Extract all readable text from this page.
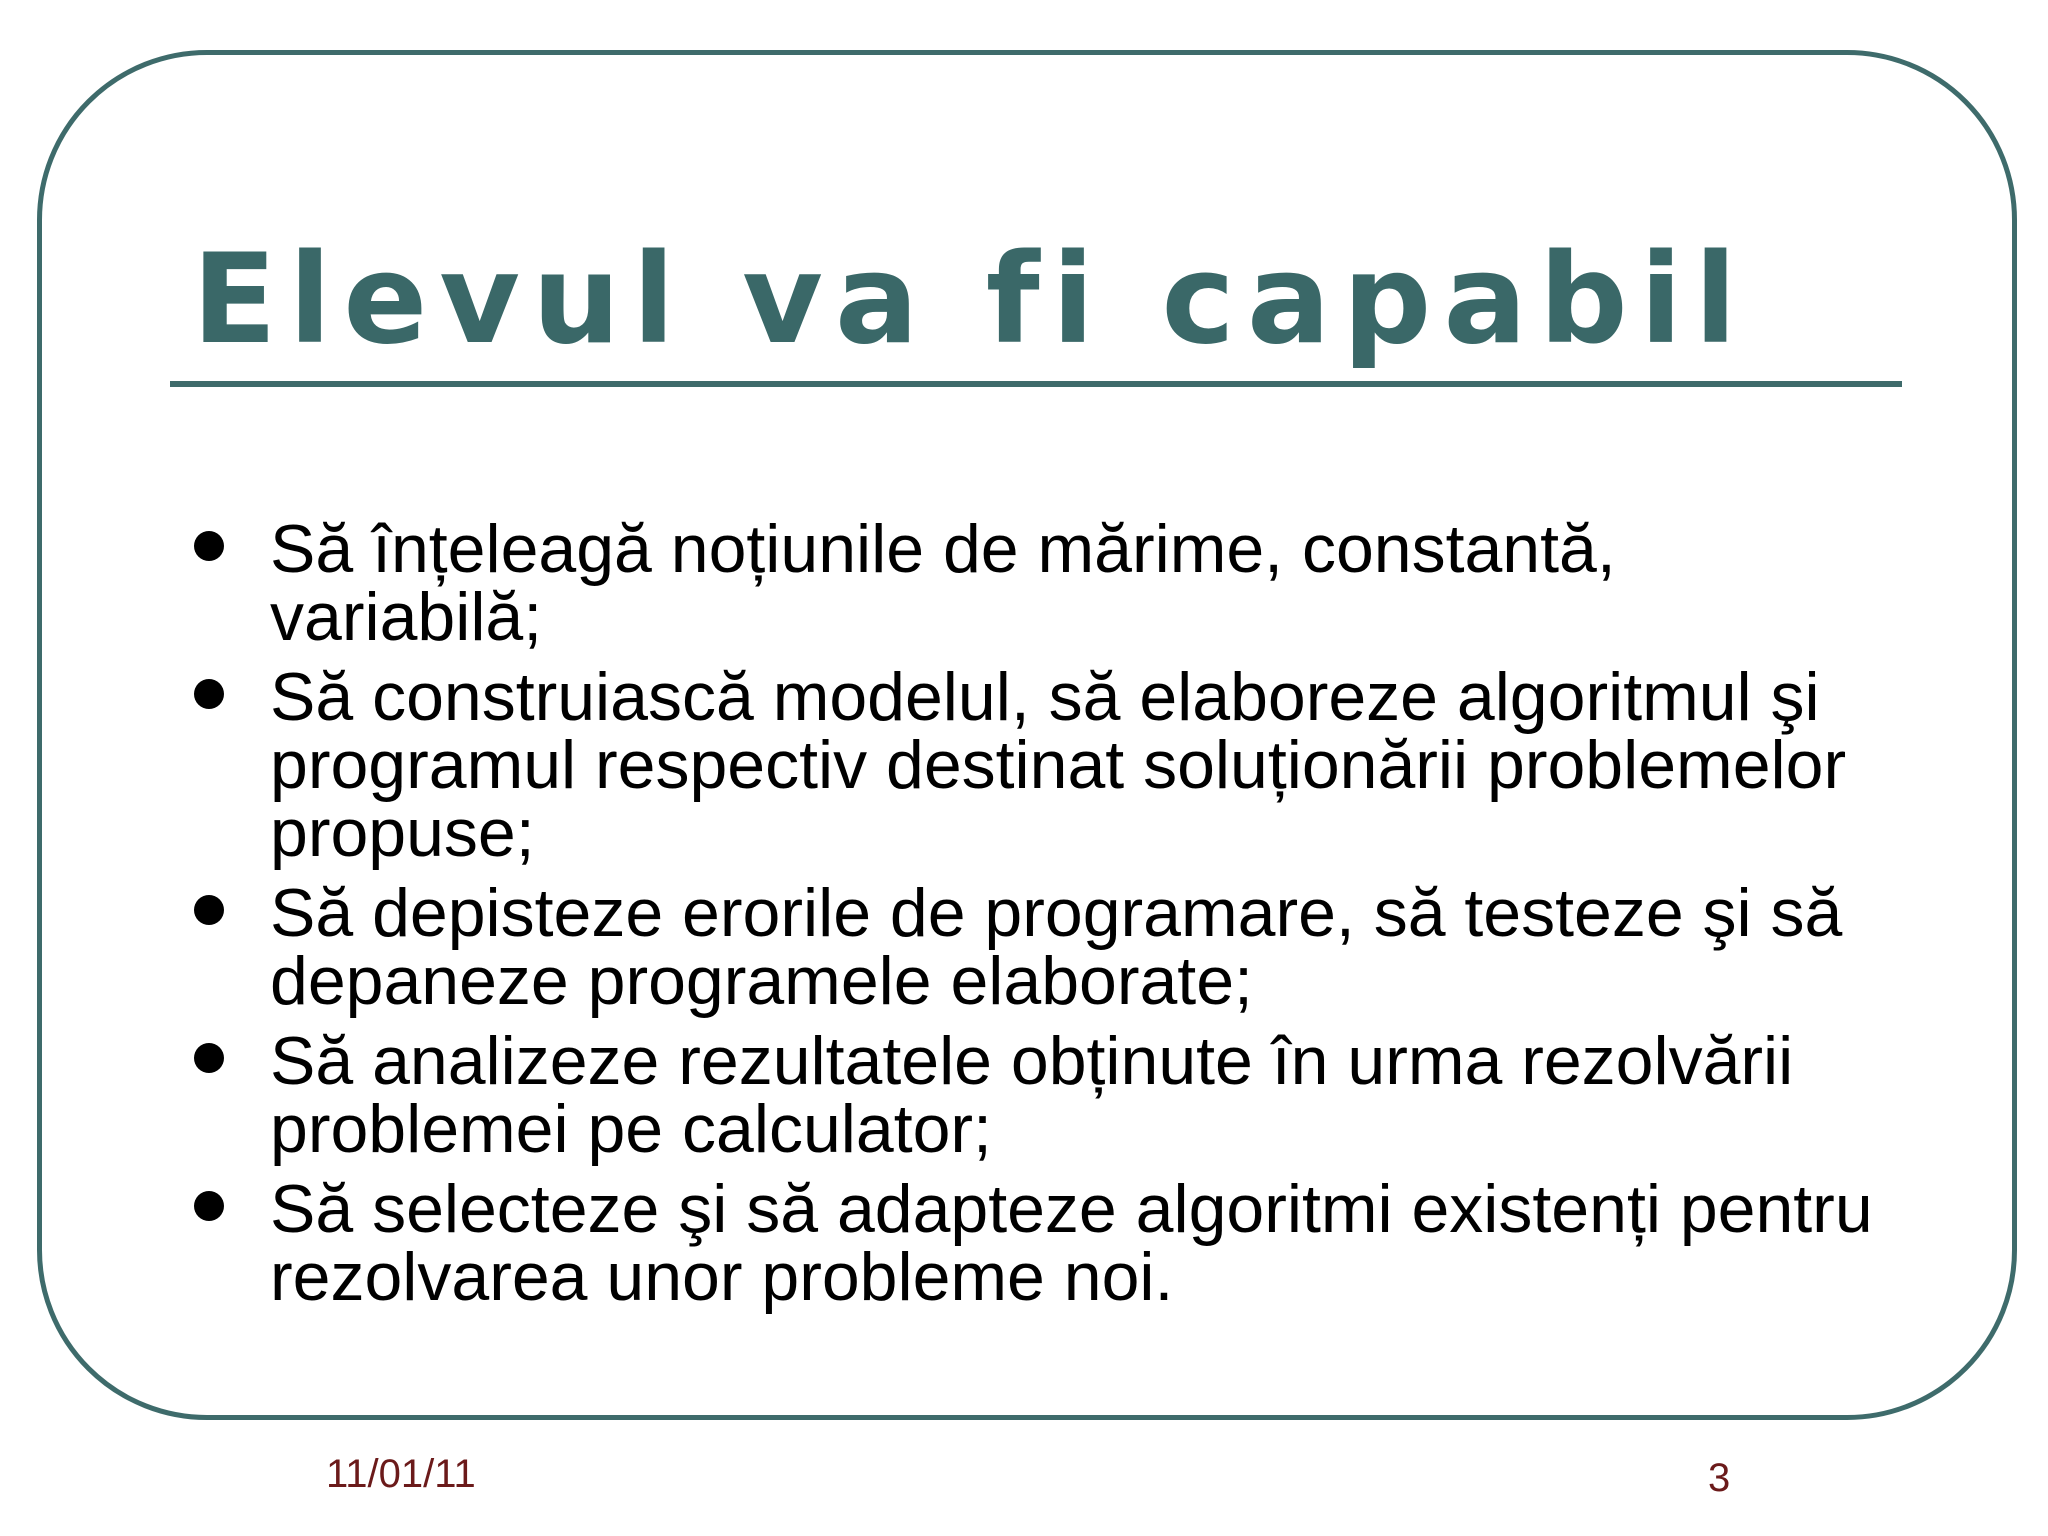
Elevul va fi capabil
Să înțeleagă noțiunile de mărime, constantă, variabilă;
Să construiască modelul, să elaboreze algoritmul şi programul respectiv destinat soluționării problemelor propuse;
Să depisteze erorile de programare, să testeze şi să depaneze programele elaborate;
Să analizeze rezultatele obținute în urma rezolvării problemei pe calculator;
Să selecteze şi să adapteze algoritmi existenți pentru rezolvarea unor probleme noi.
11/01/11	3
